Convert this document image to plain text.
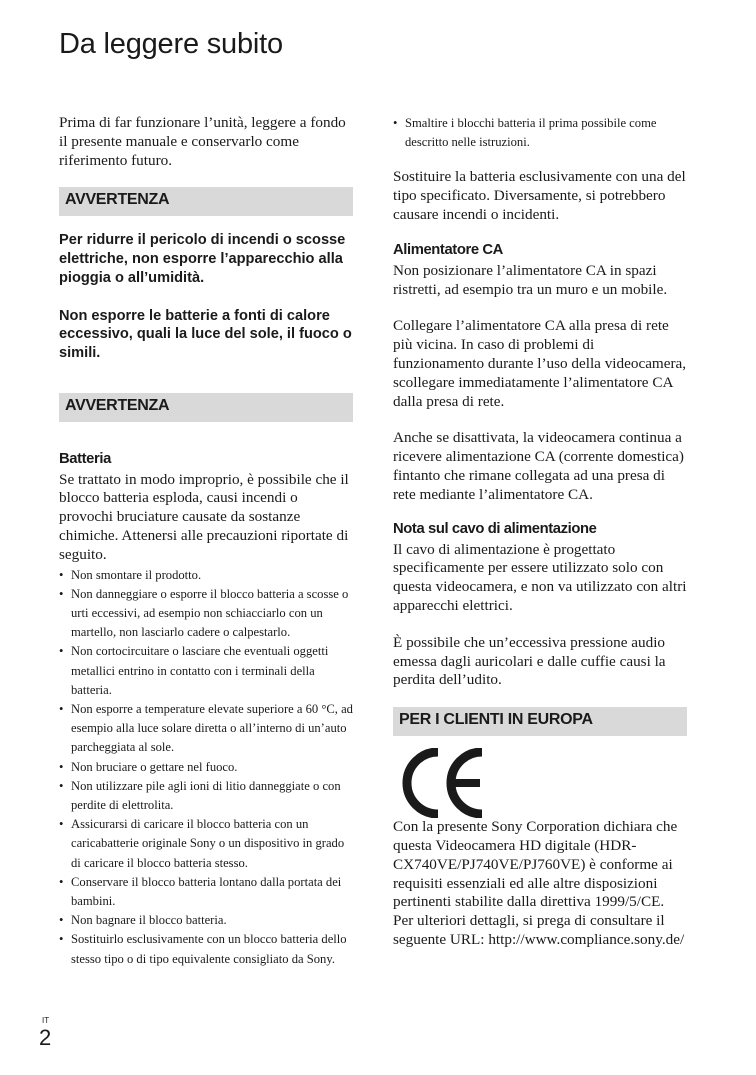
Da leggere subito

Prima di far funzionare l’unità, leggere a fondo il presente manuale e conservarlo come riferimento futuro.

AVVERTENZA

Per ridurre il pericolo di incendi o scosse elettriche, non esporre l’apparecchio alla pioggia o all’umidità.

Non esporre le batterie a fonti di calore eccessivo, quali la luce del sole, il fuoco o simili.

AVVERTENZA

Batteria

Se trattato in modo improprio, è possibile che il blocco batteria esploda, causi incendi o provochi bruciature causate da sostanze chimiche. Attenersi alle precauzioni riportate di seguito.

• Non smontare il prodotto.
• Non danneggiare o esporre il blocco batteria a scosse o urti eccessivi, ad esempio non schiacciarlo con un martello, non lasciarlo cadere o calpestarlo.
• Non cortocircuitare o lasciare che eventuali oggetti metallici entrino in contatto con i terminali della batteria.
• Non esporre a temperature elevate superiore a 60 °C, ad esempio alla luce solare diretta o all’interno di un’auto parcheggiata al sole.
• Non bruciare o gettare nel fuoco.
• Non utilizzare pile agli ioni di litio danneggiate o con perdite di elettrolita.
• Assicurarsi di caricare il blocco batteria con un caricabatterie originale Sony o un dispositivo in grado di caricare il blocco batteria stesso.
• Conservare il blocco batteria lontano dalla portata dei bambini.
• Non bagnare il blocco batteria.
• Sostituirlo esclusivamente con un blocco batteria dello stesso tipo o di tipo equivalente consigliato da Sony.
• Smaltire i blocchi batteria il prima possibile come descritto nelle istruzioni.

Sostituire la batteria esclusivamente con una del tipo specificato. Diversamente, si potrebbero causare incendi o incidenti.

Alimentatore CA

Non posizionare l’alimentatore CA in spazi ristretti, ad esempio tra un muro e un mobile.

Collegare l’alimentatore CA alla presa di rete più vicina. In caso di problemi di funzionamento durante l’uso della videocamera, scollegare immediatamente l’alimentatore CA dalla presa di rete.

Anche se disattivata, la videocamera continua a ricevere alimentazione CA (corrente domestica) fintanto che rimane collegata ad una presa di rete mediante l’alimentatore CA.

Nota sul cavo di alimentazione

Il cavo di alimentazione è progettato specificamente per essere utilizzato solo con questa videocamera, e non va utilizzato con altri apparecchi elettrici.

È possibile che un’eccessiva pressione audio emessa dagli auricolari e dalle cuffie causi la perdita dell’udito.

PER I CLIENTI IN EUROPA

Con la presente Sony Corporation dichiara che questa Videocamera HD digitale (HDR-CX740VE/PJ740VE/PJ760VE) è conforme ai requisiti essenziali ed alle altre disposizioni pertinenti stabilite dalla direttiva 1999/5/CE. Per ulteriori dettagli, si prega di consultare il seguente URL: http://www.compliance.sony.de/

IT
2
